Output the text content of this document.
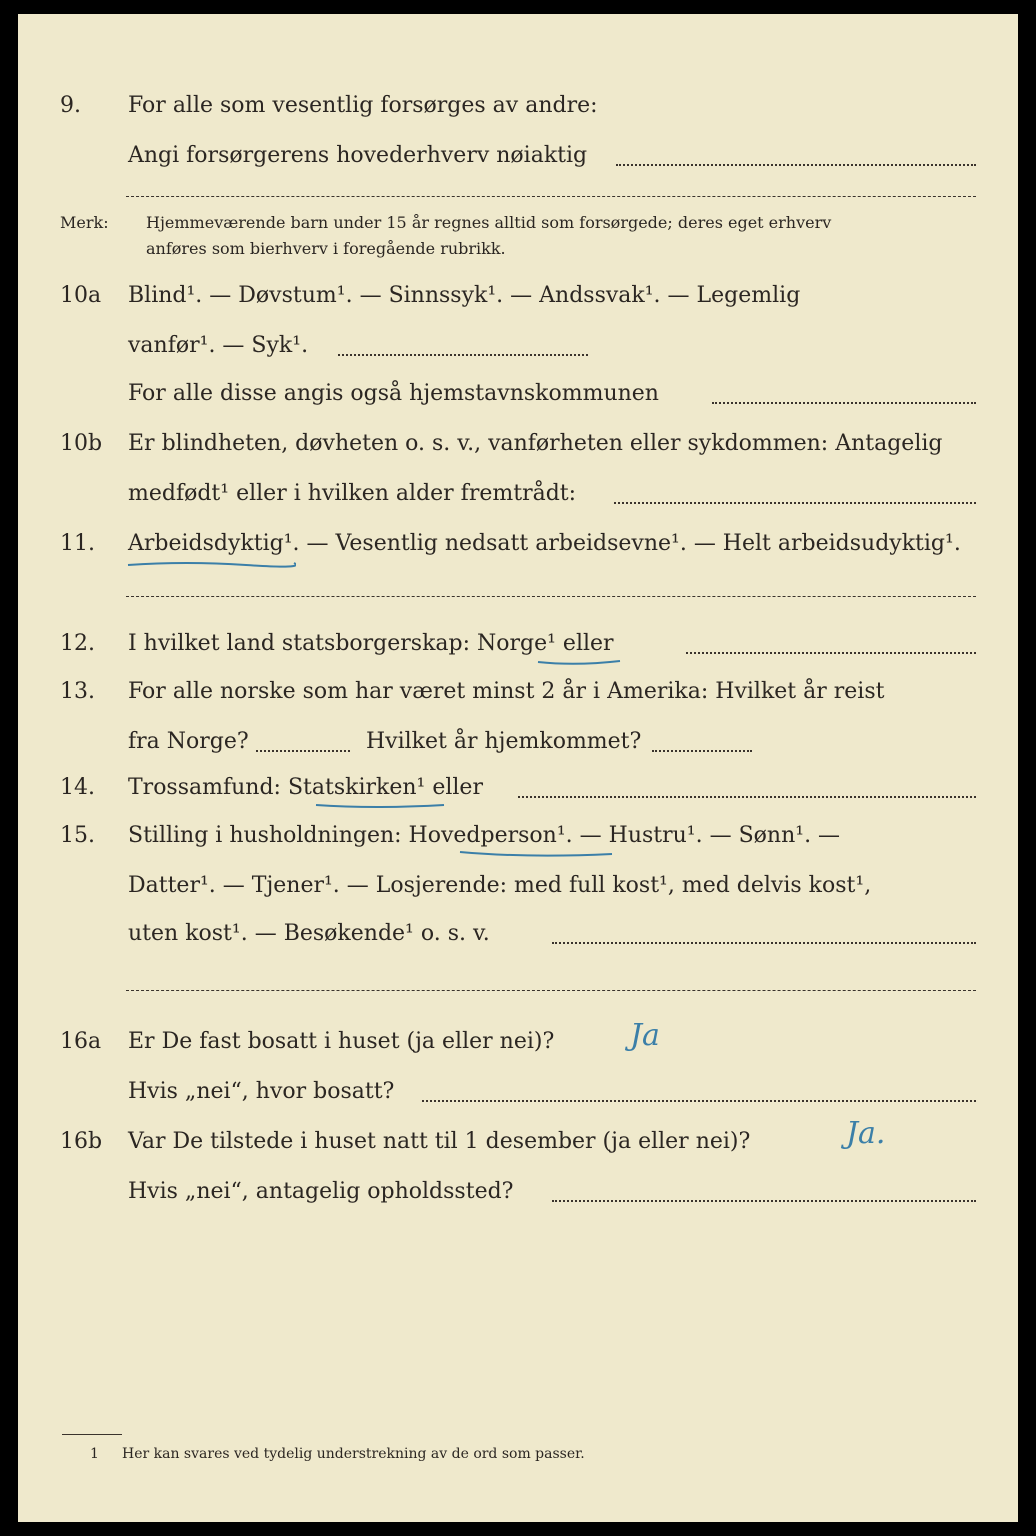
9. For alle som vesentlig forsørges av andre:
Angi forsørgerens hovederhverv nøiaktig
Merk: Hjemmeværende barn under 15 år regnes alltid som forsørgede; deres eget erhverv
anføres som bierhverv i foregående rubrikk.
10a Blind¹. — Døvstum¹. — Sinnssyk¹. — Andssvak¹. — Legemlig
vanfør¹. — Syk¹.
For alle disse angis også hjemstavnskommunen
10b Er blindheten, døvheten o. s. v., vanførheten eller sykdommen: Antagelig
medfødt¹ eller i hvilken alder fremtrådt:
11. Arbeidsdyktig¹. — Vesentlig nedsatt arbeidsevne¹. — Helt arbeidsudyktig¹.
12. I hvilket land statsborgerskap: Norge¹ eller
13. For alle norske som har været minst 2 år i Amerika: Hvilket år reist
fra Norge?	Hvilket år hjemkommet?
14. Trossamfund: Statskirken¹ eller
15. Stilling i husholdningen: Hovedperson¹. — Hustru¹. — Sønn¹. —
Datter¹. — Tjener¹. — Losjerende: med full kost¹, med delvis kost¹,
uten kost¹. — Besøkende¹ o. s. v.
16a Er De fast bosatt i huset (ja eller nei)?	Ja
Hvis „nei“, hvor bosatt?
16b Var De tilstede i huset natt til 1 desember (ja eller nei)?	Ja.
Hvis „nei“, antagelig opholdssted?
1 Her kan svares ved tydelig understrekning av de ord som passer.
